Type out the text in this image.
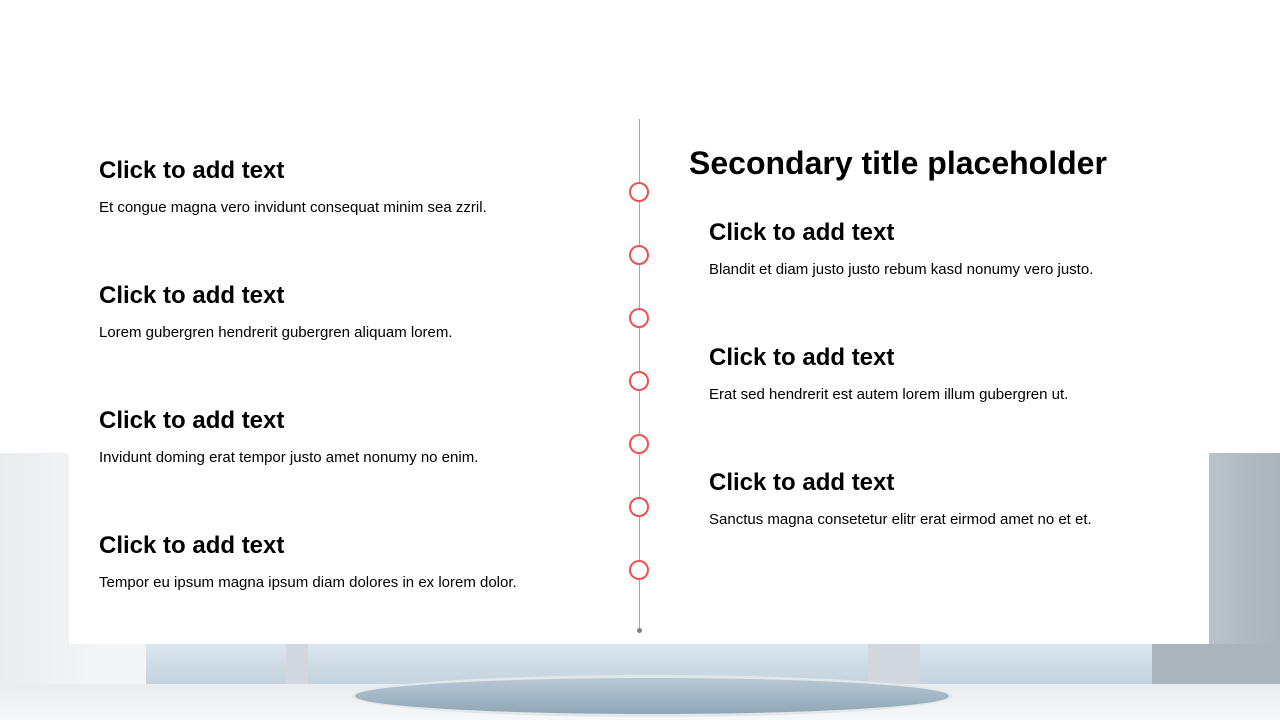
Secondary title placeholder
Click to add text

Et congue magna vero invidunt consequat minim sea zzril.

Click to add text

Lorem gubergren hendrerit gubergren aliquam lorem.

Click to add text

Invidunt doming erat tempor justo amet nonumy no enim.

Click to add text

Tempor eu ipsum magna ipsum diam dolores in ex lorem dolor.

Click to add text

Blandit et diam justo justo rebum kasd nonumy vero justo.

Click to add text

Erat sed hendrerit est autem lorem illum gubergren ut.

Click to add text

Sanctus magna consetetur elitr erat eirmod amet no et et.
